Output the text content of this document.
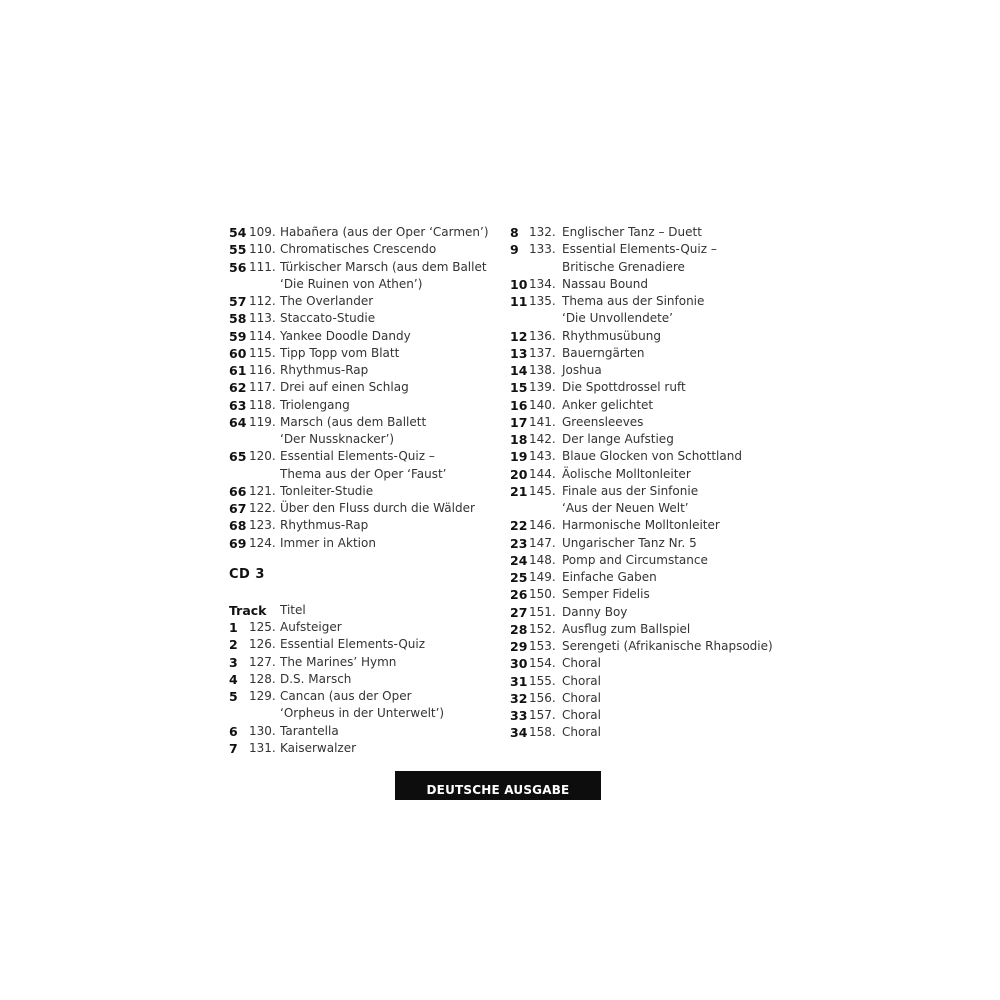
54 109. Habañera (aus der Oper ‘Carmen’)
55 110. Chromatisches Crescendo
56 111. Türkischer Marsch (aus dem Ballet
‘Die Ruinen von Athen’)
57 112. The Overlander
58 113. Staccato-Studie
59 114. Yankee Doodle Dandy
60 115. Tipp Topp vom Blatt
61 116. Rhythmus-Rap
62 117. Drei auf einen Schlag
63 118. Triolengang
64 119. Marsch (aus dem Ballett
‘Der Nussknacker’)
65 120. Essential Elements-Quiz –
Thema aus der Oper ‘Faust’
66 121. Tonleiter-Studie
67 122. Über den Fluss durch die Wälder
68 123. Rhythmus-Rap
69 124. Immer in Aktion
CD 3
Track Titel
1 125. Aufsteiger
2 126. Essential Elements-Quiz
3 127. The Marines’ Hymn
4 128. D.S. Marsch
5 129. Cancan (aus der Oper
‘Orpheus in der Unterwelt’)
6 130. Tarantella
7 131. Kaiserwalzer
8 132. Englischer Tanz – Duett
9 133. Essential Elements-Quiz –
Britische Grenadiere
10 134. Nassau Bound
11 135. Thema aus der Sinfonie
‘Die Unvollendete’
12 136. Rhythmusübung
13 137. Bauerngärten
14 138. Joshua
15 139. Die Spottdrossel ruft
16 140. Anker gelichtet
17 141. Greensleeves
18 142. Der lange Aufstieg
19 143. Blaue Glocken von Schottland
20 144. Äolische Molltonleiter
21 145. Finale aus der Sinfonie
‘Aus der Neuen Welt’
22 146. Harmonische Molltonleiter
23 147. Ungarischer Tanz Nr. 5
24 148. Pomp and Circumstance
25 149. Einfache Gaben
26 150. Semper Fidelis
27 151. Danny Boy
28 152. Ausflug zum Ballspiel
29 153. Serengeti (Afrikanische Rhapsodie)
30 154. Choral
31 155. Choral
32 156. Choral
33 157. Choral
34 158. Choral
DEUTSCHE AUSGABE
